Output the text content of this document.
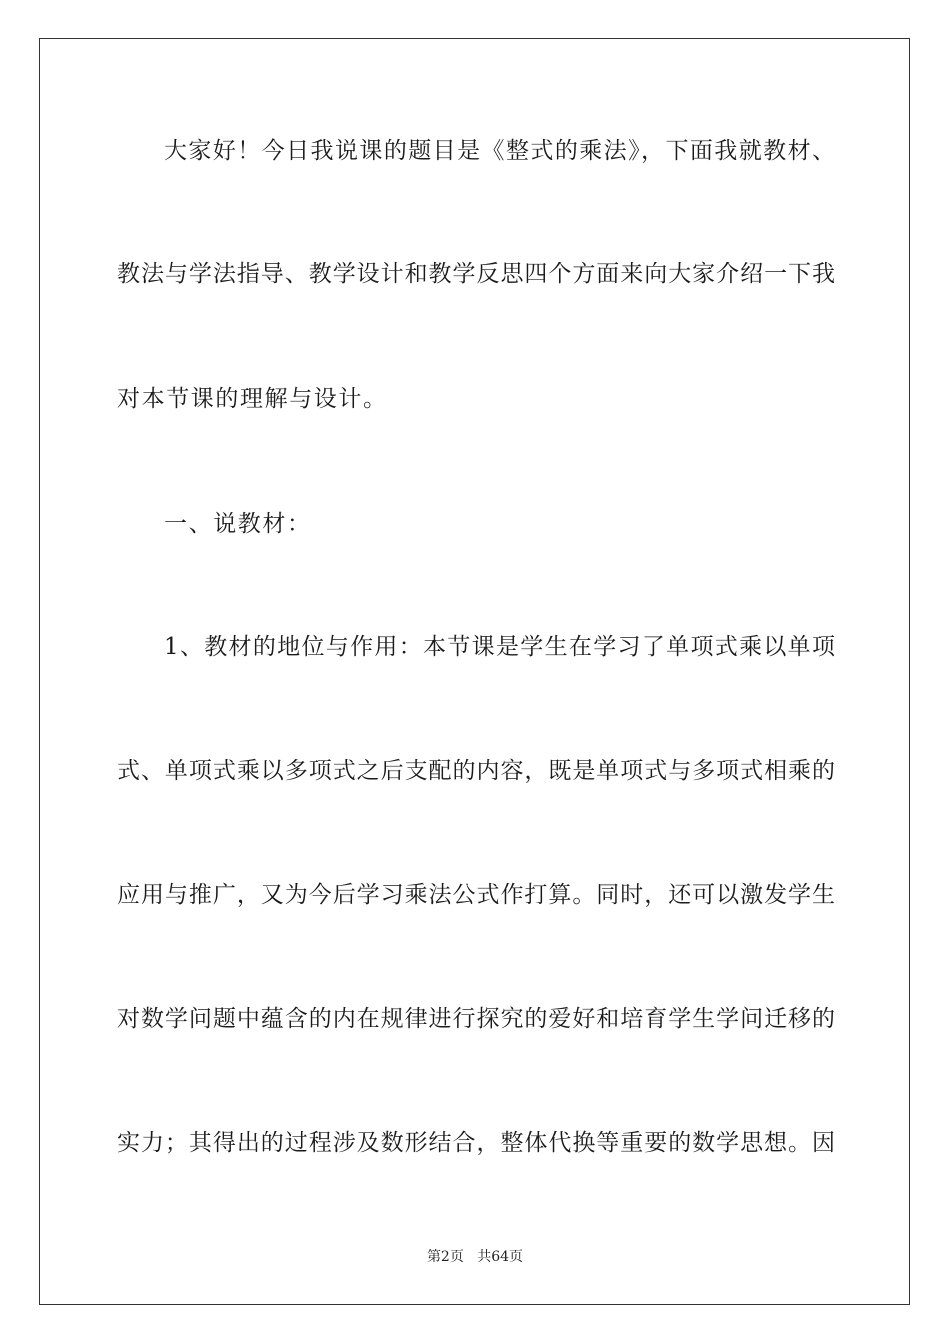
大家好！今日我说课的题目是《整式的乘法》，下面我就教材、
教法与学法指导、教学设计和教学反思四个方面来向大家介绍一下我
对本节课的理解与设计。
一、说教材：
1、教材的地位与作用：本节课是学生在学习了单项式乘以单项
式、单项式乘以多项式之后支配的内容，既是单项式与多项式相乘的
应用与推广，又为今后学习乘法公式作打算。同时，还可以激发学生
对数学问题中蕴含的内在规律进行探究的爱好和培育学生学问迁移的
实力；其得出的过程涉及数形结合，整体代换等重要的数学思想。因
第2页 共64页
